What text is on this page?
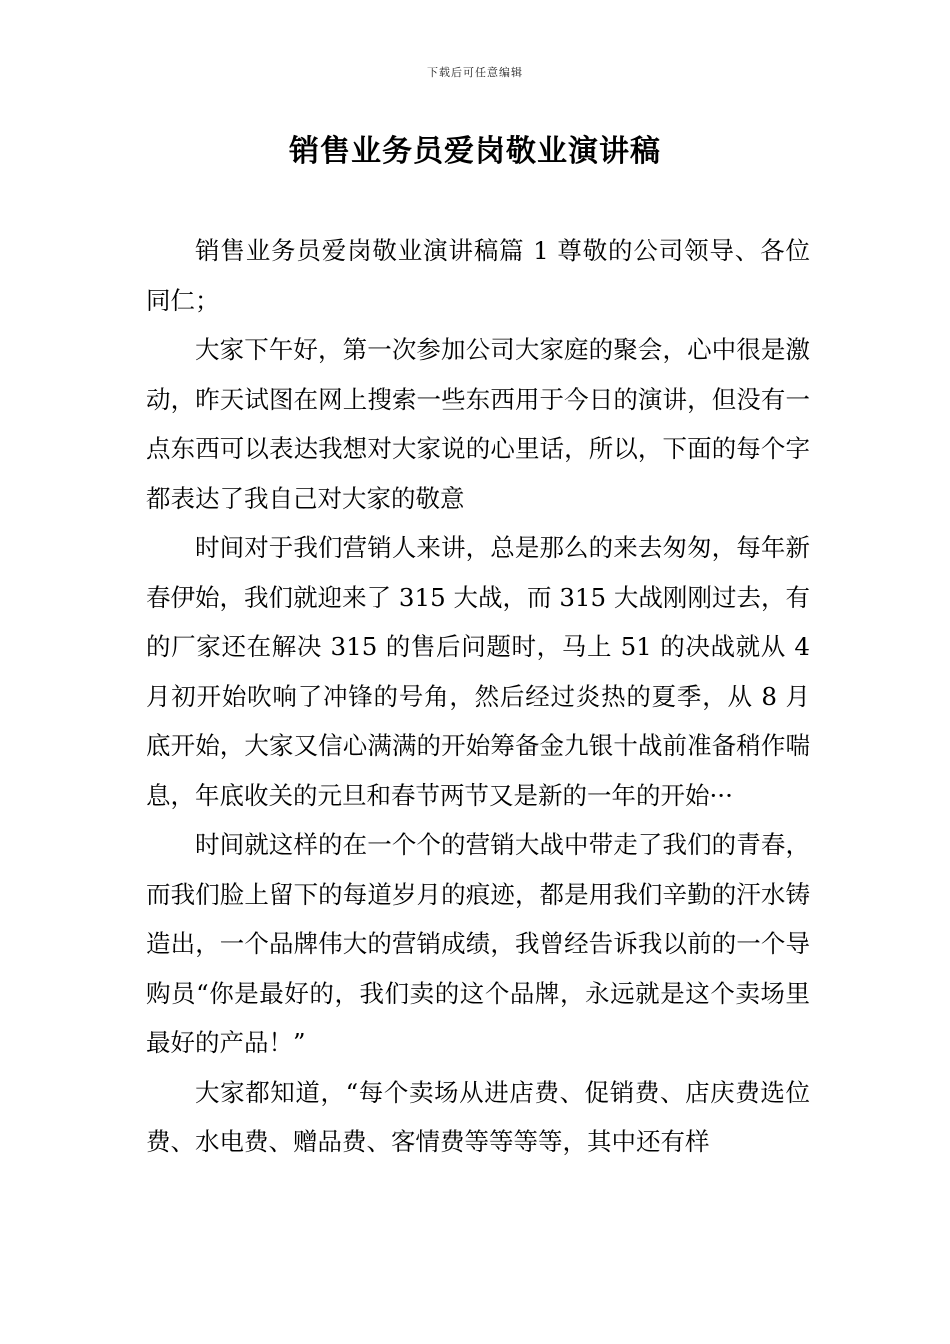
下载后可任意编辑
销售业务员爱岗敬业演讲稿

销售业务员爱岗敬业演讲稿篇 1 尊敬的公司领导、各位同仁；

大家下午好，第一次参加公司大家庭的聚会，心中很是激动，昨天试图在网上搜索一些东西用于今日的演讲，但没有一点东西可以表达我想对大家说的心里话，所以，下面的每个字都表达了我自己对大家的敬意

时间对于我们营销人来讲，总是那么的来去匆匆，每年新春伊始，我们就迎来了 315 大战，而 315 大战刚刚过去，有的厂家还在解决 315 的售后问题时，马上 51 的决战就从 4 月初开始吹响了冲锋的号角，然后经过炎热的夏季，从 8 月底开始，大家又信心满满的开始筹备金九银十战前准备稍作喘息，年底收关的元旦和春节两节又是新的一年的开始···

时间就这样的在一个个的营销大战中带走了我们的青春，而我们脸上留下的每道岁月的痕迹，都是用我们辛勤的汗水铸造出，一个品牌伟大的营销成绩，我曾经告诉我以前的一个导购员“你是最好的，我们卖的这个品牌，永远就是这个卖场里最好的产品！”

大家都知道，“每个卖场从进店费、促销费、店庆费选位费、水电费、赠品费、客情费等等等等，其中还有样
